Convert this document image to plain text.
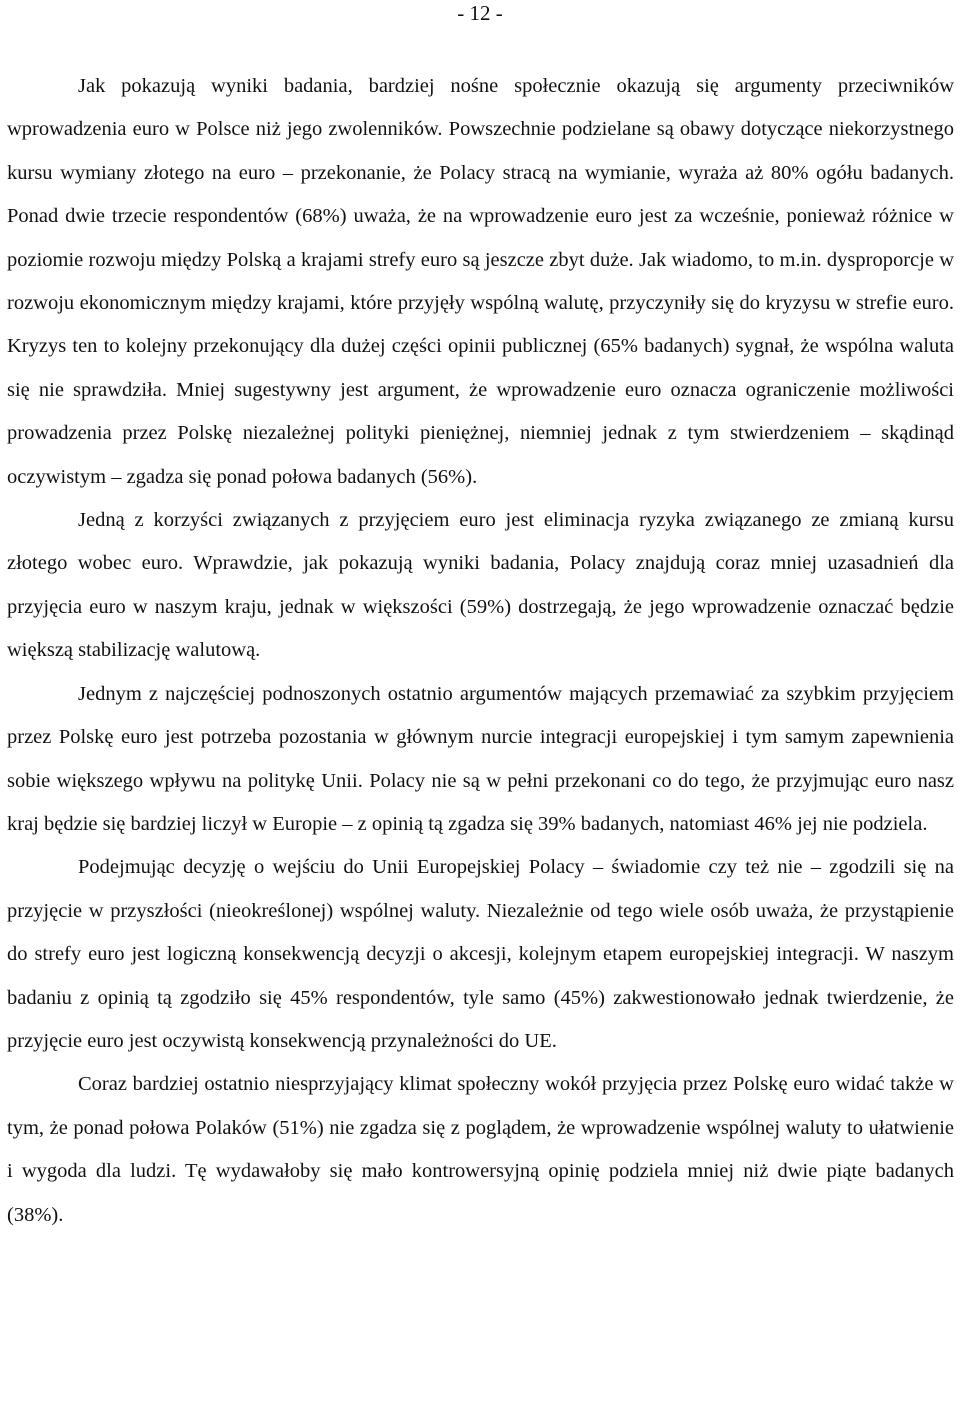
- 12 -

Jak pokazują wyniki badania, bardziej nośne społecznie okazują się argumenty przeciwników wprowadzenia euro w Polsce niż jego zwolenników. Powszechnie podzielane są obawy dotyczące niekorzystnego kursu wymiany złotego na euro – przekonanie, że Polacy stracą na wymianie, wyraża aż 80% ogółu badanych. Ponad dwie trzecie respondentów (68%) uważa, że na wprowadzenie euro jest za wcześnie, ponieważ różnice w poziomie rozwoju między Polską a krajami strefy euro są jeszcze zbyt duże. Jak wiadomo, to m.in. dysproporcje w rozwoju ekonomicznym między krajami, które przyjęły wspólną walutę, przyczyniły się do kryzysu w strefie euro. Kryzys ten to kolejny przekonujący dla dużej części opinii publicznej (65% badanych) sygnał, że wspólna waluta się nie sprawdziła. Mniej sugestywny jest argument, że wprowadzenie euro oznacza ograniczenie możliwości prowadzenia przez Polskę niezależnej polityki pieniężnej, niemniej jednak z tym stwierdzeniem – skądinąd oczywistym – zgadza się ponad połowa badanych (56%).

Jedną z korzyści związanych z przyjęciem euro jest eliminacja ryzyka związanego ze zmianą kursu złotego wobec euro. Wprawdzie, jak pokazują wyniki badania, Polacy znajdują coraz mniej uzasadnień dla przyjęcia euro w naszym kraju, jednak w większości (59%) dostrzegają, że jego wprowadzenie oznaczać będzie większą stabilizację walutową.

Jednym z najczęściej podnoszonych ostatnio argumentów mających przemawiać za szybkim przyjęciem przez Polskę euro jest potrzeba pozostania w głównym nurcie integracji europejskiej i tym samym zapewnienia sobie większego wpływu na politykę Unii. Polacy nie są w pełni przekonani co do tego, że przyjmując euro nasz kraj będzie się bardziej liczył w Europie – z opinią tą zgadza się 39% badanych, natomiast 46% jej nie podziela.

Podejmując decyzję o wejściu do Unii Europejskiej Polacy – świadomie czy też nie – zgodzili się na przyjęcie w przyszłości (nieokreślonej) wspólnej waluty. Niezależnie od tego wiele osób uważa, że przystąpienie do strefy euro jest logiczną konsekwencją decyzji o akcesji, kolejnym etapem europejskiej integracji. W naszym badaniu z opinią tą zgodziło się 45% respondentów, tyle samo (45%) zakwestionowało jednak twierdzenie, że przyjęcie euro jest oczywistą konsekwencją przynależności do UE.

Coraz bardziej ostatnio niesprzyjający klimat społeczny wokół przyjęcia przez Polskę euro widać także w tym, że ponad połowa Polaków (51%) nie zgadza się z poglądem, że wprowadzenie wspólnej waluty to ułatwienie i wygoda dla ludzi. Tę wydawałoby się mało kontrowersyjną opinię podziela mniej niż dwie piąte badanych (38%).
